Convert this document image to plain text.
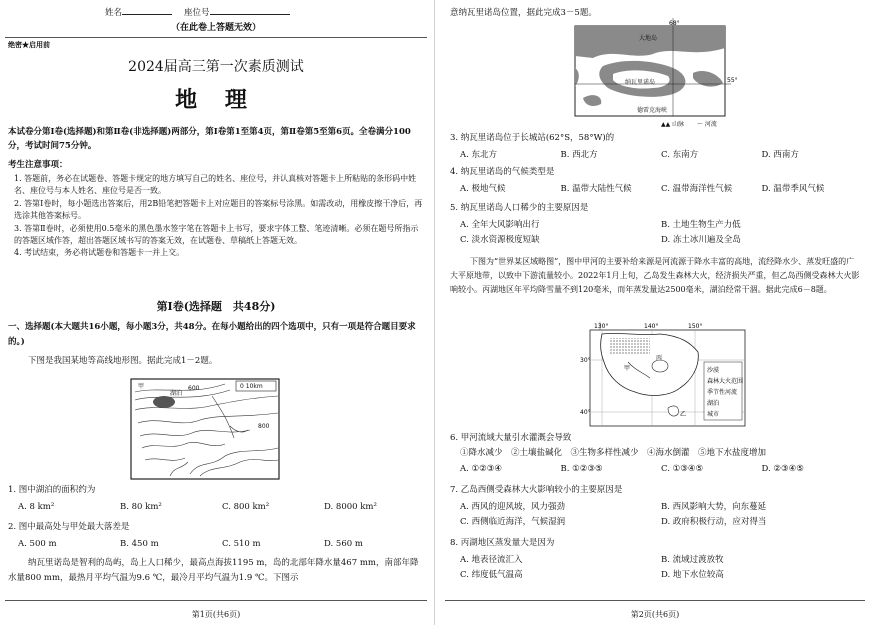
姓名	座位号
（在此卷上答题无效）
绝密★启用前
2024届高三第一次素质测试
地 理
本试卷分第Ⅰ卷(选择题)和第Ⅱ卷(非选择题)两部分，第Ⅰ卷第1至第4页，第Ⅱ卷第5至第6页。全卷满分100分，考试时间75分钟。
考生注意事项：
1. 答题前，务必在试题卷、答题卡规定的地方填写自己的姓名、座位号，并认真核对答题卡上所粘贴的条形码中姓名、座位号与本人姓名、座位号是否一致。
2. 答第Ⅰ卷时，每小题选出答案后，用2B铅笔把答题卡上对应题目的答案标号涂黑。如需改动，用橡皮擦干净后，再选涂其他答案标号。
3. 答第Ⅱ卷时，必须使用0.5毫米的黑色墨水签字笔在答题卡上书写，要求字体工整、笔迹清晰。必须在题号所指示的答题区域作答，超出答题区域书写的答案无效，在试题卷、草稿纸上答题无效。
4. 考试结束，务必将试题卷和答题卡一并上交。
第Ⅰ卷(选择题　共48分)
一、选择题(本大题共16小题，每小题3分，共48分。在每小题给出的四个选项中，只有一项是符合题目要求的。)
下图是我国某地等高线地形图。据此完成1－2题。
湖泊
甲	600
800
0 10km
1. 图中湖泊的面积约为
A. 8 km²	B. 80 km²	C. 800 km²	D. 8000 km²
2. 图中最高处与甲处最大落差是
A. 500 m	B. 450 m	C. 510 m	D. 560 m
纳瓦里诺岛是智利的岛屿，岛上人口稀少，最高点海拔1195 m，岛的北部年降水量467 mm，南部年降水量800 mm，最热月平均气温为9.6 ℃，最冷月平均气温为1.9 ℃。下图示
第1页(共6页)
意纳瓦里诺岛位置，据此完成3－5题。
68°
55°
大地岛
纳瓦里诺岛
德雷克海峡
▲▲ 山脉 ～ 河流
3. 纳瓦里诺岛位于长城站(62°S，58°W)的
A. 东北方	B. 西北方	C. 东南方	D. 西南方
4. 纳瓦里诺岛的气候类型是
A. 极地气候	B. 温带大陆性气候	C. 温带海洋性气候	D. 温带季风气候
5. 纳瓦里诺岛人口稀少的主要原因是
A. 全年大风影响出行	B. 土地生物生产力低
C. 淡水资源极度短缺	D. 冻土冰川遍及全岛
下图为“世界某区域略图”，图中甲河的主要补给来源是河流源于降水丰富的高地，流经降水少、蒸发旺盛的广大平原地带，以致中下游流量较小。2022年1月上旬，乙岛发生森林大火，经济损失严重，但乙岛西侧受森林大火影响较小。丙湖地区年平均降雪量不到120毫米，而年蒸发量达2500毫米，湖泊经常干涸。据此完成6－8题。
130°	140°	150°
30°
40°
甲
乙
丙
沙漠
森林大火范围
季节性河流
湖泊
城市
6. 甲河流域大量引水灌溉会导致
①降水减少　②土壤盐碱化　③生物多样性减少　④海水倒灌　⑤地下水盐度增加
A. ①②③④	B. ①②③⑤	C. ①③④⑤	D. ②③④⑤
7. 乙岛西侧受森林大火影响较小的主要原因是
A. 西风的迎风坡，风力强劲	B. 西风影响大势，向东蔓延
C. 西侧临近海洋，气候湿润	D. 政府积极行动，应对得当
8. 丙湖地区蒸发量大是因为
A. 地表径流汇入	B. 流域过渡放牧
C. 纬度低气温高	D. 地下水位较高
第2页(共6页)
